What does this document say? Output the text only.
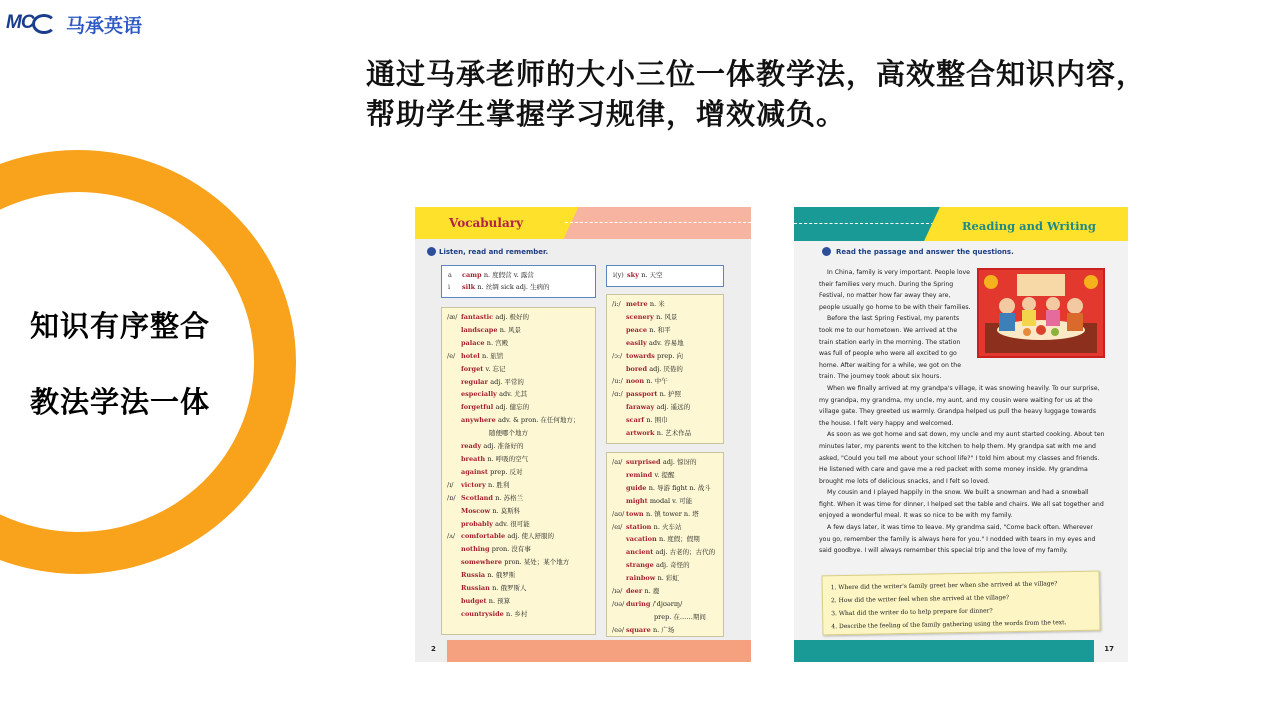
MC 马承英语
通过马承老师的大小三位一体教学法，高效整合知识内容，
帮助学生掌握学习规律，增效减负。
知识有序整合
教法学法一体
Vocabulary
Listen, read and remember.
a camp n. 度假营 v. 露营
i silk n. 丝绸 sick adj. 生病的
i(y) sky n. 天空
/æ/ fantastic adj. 极好的
landscape n. 风景
palace n. 宫殿
/e/ hotel n. 旅馆
forget v. 忘记
regular adj. 平常的
especially adv. 尤其
forgetful adj. 健忘的
anywhere adv. & pron. 在任何地方；
随便哪个地方
ready adj. 准备好的
breath n. 呼吸的空气
against prep. 反对
/ɪ/ victory n. 胜利
/ɒ/ Scotland n. 苏格兰
Moscow n. 莫斯科
probably adv. 很可能
/ʌ/ comfortable adj. 使人舒服的
nothing pron. 没有事
somewhere pron. 某处；某个地方
Russia n. 俄罗斯
Russian n. 俄罗斯人
budget n. 预算
countryside n. 乡村
/i:/ metre n. 米
scenery n. 风景
peace n. 和平
easily adv. 容易地
/ɔ:/ towards prep. 向
bored adj. 厌倦的
/u:/ noon n. 中午
/ɑ:/ passport n. 护照
faraway adj. 遥远的
scarf n. 围巾
artwork n. 艺术作品
/aɪ/ surprised adj. 惊讶的
remind v. 提醒
guide n. 导游 fight n. 战斗
might modal v. 可能
/aʊ/ town n. 镇 tower n. 塔
/eɪ/ station n. 火车站
vacation n. 度假；假期
ancient adj. 古老的；古代的
strange adj. 奇怪的
rainbow n. 彩虹
/ɪə/ deer n. 鹿
/ʊə/ during /ˈdjʊərɪŋ/
prep. 在……期间
/eə/ square n. 广场
2
Reading and Writing
Read the passage and answer the questions.

In China, family is very important. People love their families very much. During the Spring Festival, no matter how far away they are, people usually go home to be with their families.

Before the last Spring Festival, my parents took me to our hometown. We arrived at the train station early in the morning. The station was full of people who were all excited to go home. After waiting for a while, we got on the train. The journey took about six hours.

When we finally arrived at my grandpa's village, it was snowing heavily. To our surprise, my grandpa, my grandma, my uncle, my aunt, and my cousin were waiting for us at the village gate. They greeted us warmly. Grandpa helped us pull the heavy luggage towards the house. I felt very happy and welcomed.

As soon as we got home and sat down, my uncle and my aunt started cooking. About ten minutes later, my parents went to the kitchen to help them. My grandpa sat with me and asked, "Could you tell me about your school life?" I told him about my classes and friends. He listened with care and gave me a red packet with some money inside. My grandma brought me lots of delicious snacks, and I felt so loved.

My cousin and I played happily in the snow. We built a snowman and had a snowball fight. When it was time for dinner, I helped set the table and chairs. We all sat together and enjoyed a wonderful meal. It was so nice to be with my family.

A few days later, it was time to leave. My grandma said, "Come back often. Wherever you go, remember the family is always here for you." I nodded with tears in my eyes and said goodbye. I will always remember this special trip and the love of my family.

1. Where did the writer's family greet her when she arrived at the village?
2. How did the writer feel when she arrived at the village?
3. What did the writer do to help prepare for dinner?
4. Describe the feeling of the family gathering using the words from the text.
17
